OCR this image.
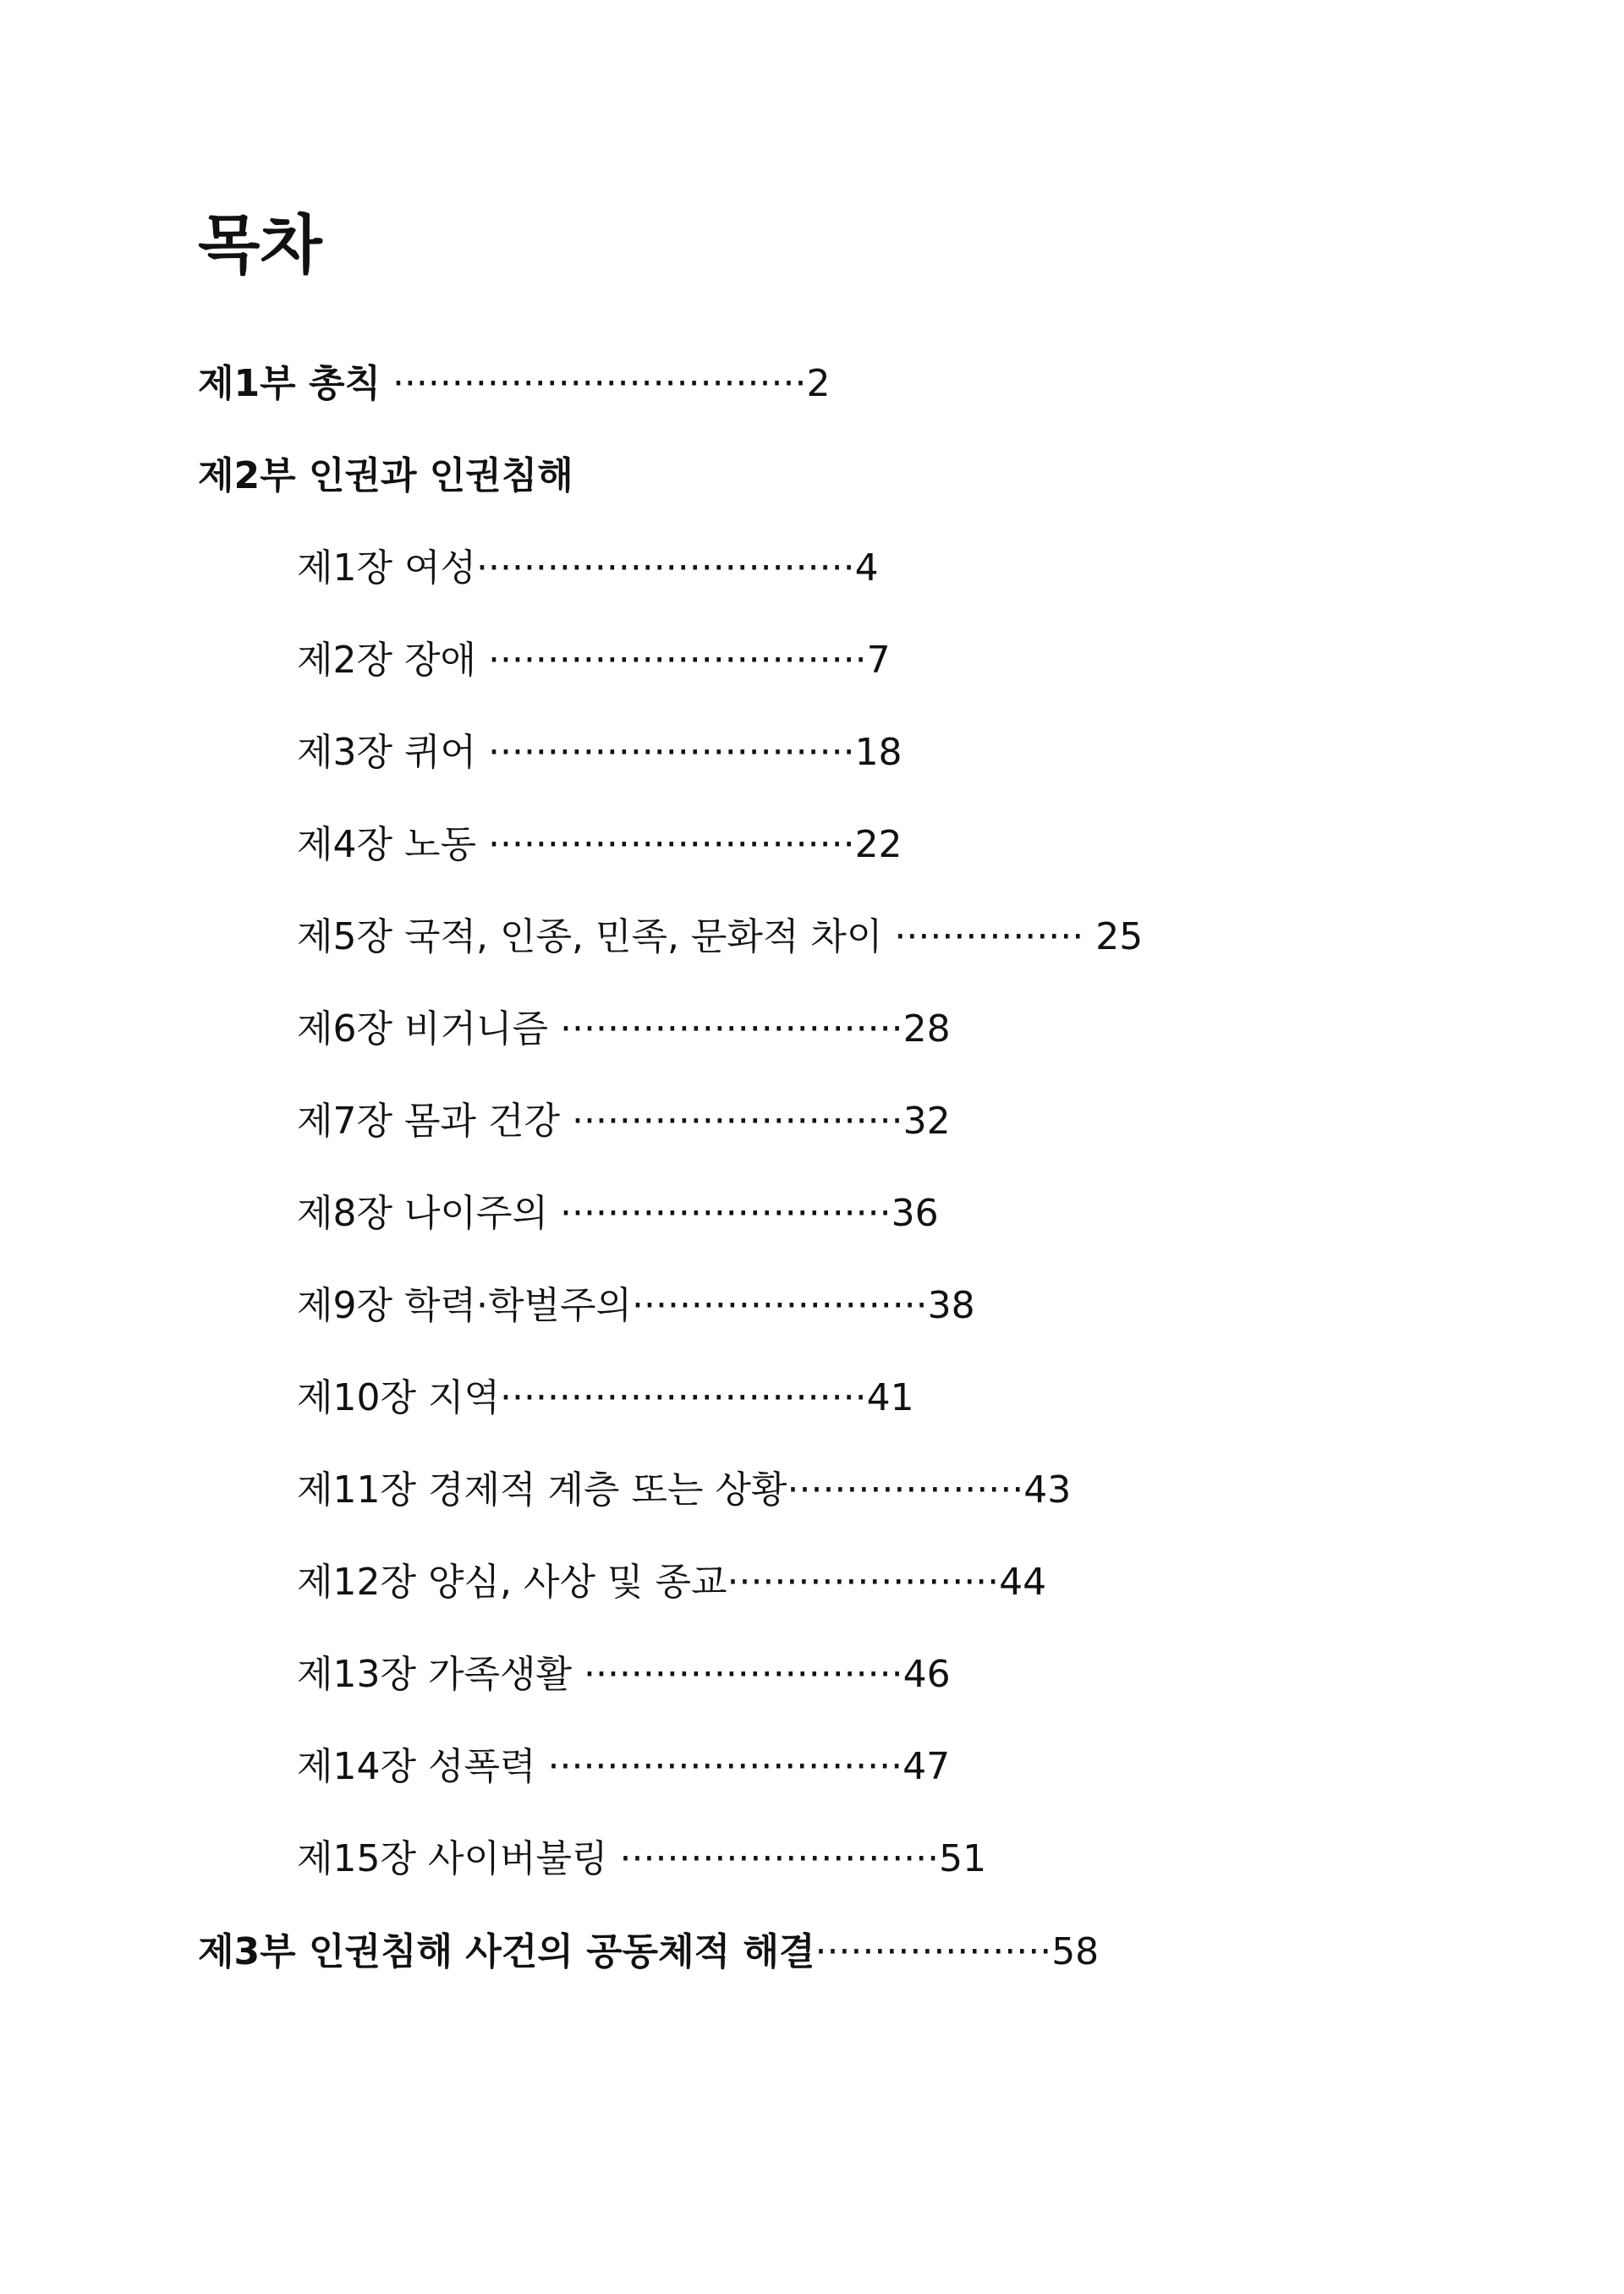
목차
제1부 총칙 ···································2
제2부 인권과 인권침해
제1장 여성································4
제2장 장애 ································7
제3장 퀴어 ·······························18
제4장 노동 ·······························22
제5장 국적, 인종, 민족, 문화적 차이 ················ 25
제6장 비거니즘 ·····························28
제7장 몸과 건강 ····························32
제8장 나이주의 ····························36
제9장 학력·학벌주의·························38
제10장 지역·······························41
제11장 경제적 계층 또는 상황····················43
제12장 양심, 사상 및 종교·······················44
제13장 가족생활 ···························46
제14장 성폭력 ······························47
제15장 사이버불링 ···························51
제3부 인권침해 사건의 공동체적 해결····················58
